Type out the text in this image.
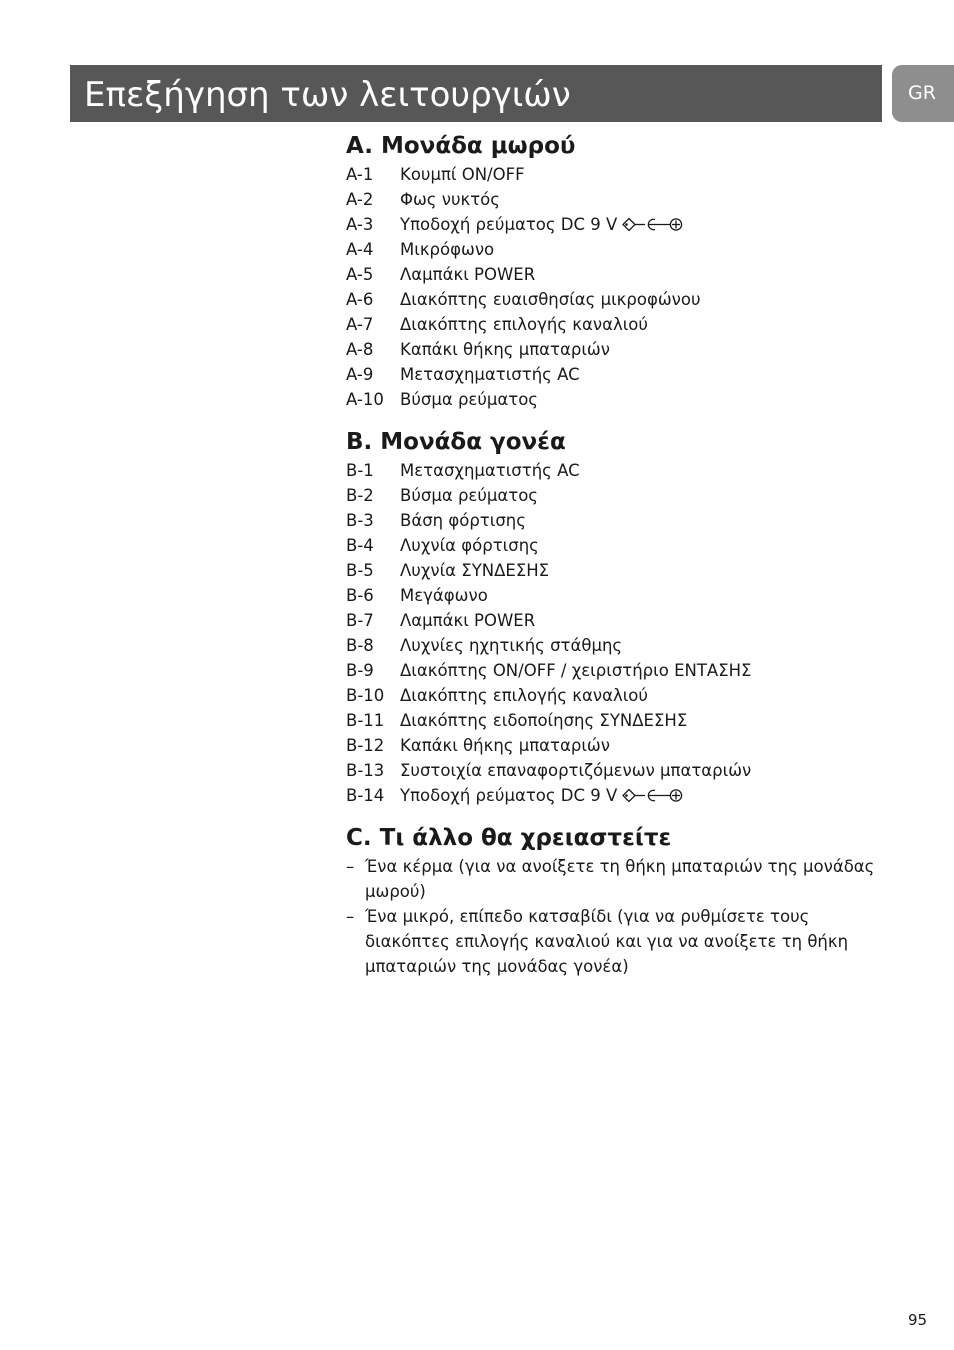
Επεξήγηση των λειτουργιών	GR
A. Μονάδα μωρού
A-1	Κουμπί ON/OFF
A-2	Φως νυκτός
A-3	Υποδοχή ρεύματος DC 9 V
A-4	Μικρόφωνο
A-5	Λαμπάκι POWER
A-6	Διακόπτης ευαισθησίας μικροφώνου
A-7	Διακόπτης επιλογής καναλιού
A-8	Καπάκι θήκης μπαταριών
A-9	Μετασχηματιστής AC
A-10 Βύσμα ρεύματος
B. Μονάδα γονέα
B-1	Μετασχηματιστής AC
B-2	Βύσμα ρεύματος
B-3	Βάση φόρτισης
B-4	Λυχνία φόρτισης
B-5	Λυχνία ΣΥΝΔΕΣΗΣ
B-6	Μεγάφωνο
B-7	Λαμπάκι POWER
B-8	Λυχνίες ηχητικής στάθμης
B-9	Διακόπτης ON/OFF / χειριστήριο ΕΝΤΑΣΗΣ
B-10 Διακόπτης επιλογής καναλιού
B-11 Διακόπτης ειδοποίησης ΣΥΝΔΕΣΗΣ
B-12 Καπάκι θήκης μπαταριών
B-13 Συστοιχία επαναφορτιζόμενων μπαταριών
B-14 Υποδοχή ρεύματος DC 9 V
C. Τι άλλο θα χρειαστείτε
– Ένα κέρμα (για να ανοίξετε τη θήκη μπαταριών της μονάδας μωρού)
– Ένα μικρό, επίπεδο κατσαβίδι (για να ρυθμίσετε τους διακόπτες επιλογής καναλιού και για να ανοίξετε τη θήκη μπαταριών της μονάδας γονέα)
95
